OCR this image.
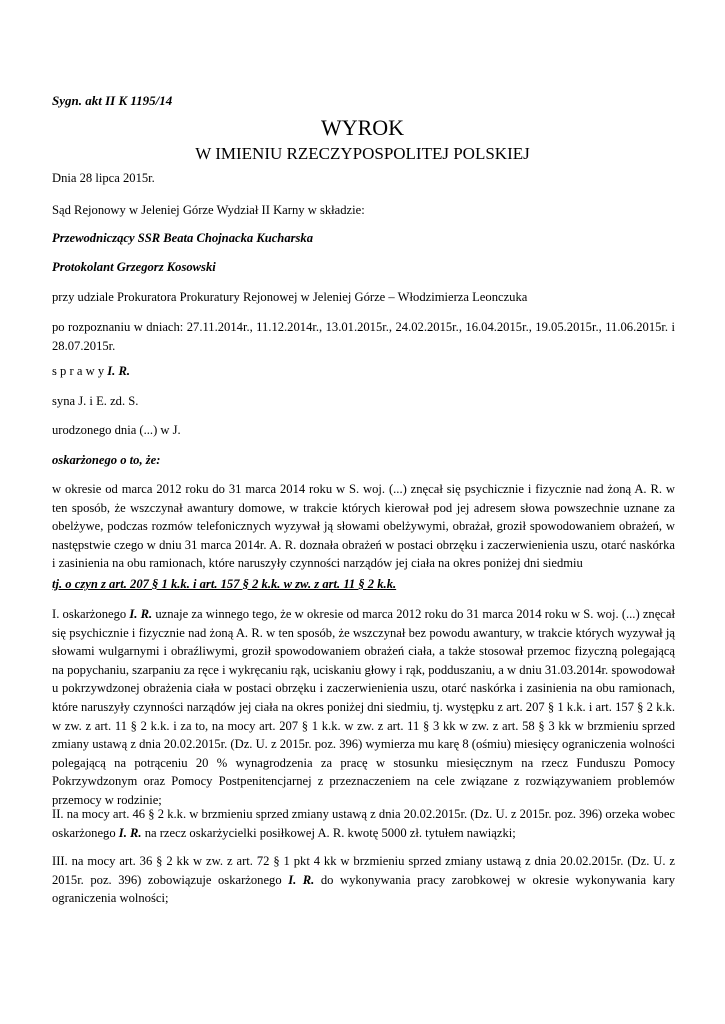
Sygn. akt II K 1195/14

WYROK
W IMIENIU RZECZYPOSPOLITEJ POLSKIEJ

Dnia 28 lipca 2015r.

Sąd Rejonowy w Jeleniej Górze Wydział II Karny w składzie:

Przewodniczący SSR Beata Chojnacka Kucharska

Protokolant Grzegorz Kosowski

przy udziale Prokuratora Prokuratury Rejonowej w Jeleniej Górze – Włodzimierza Leonczuka

po rozpoznaniu w dniach: 27.11.2014r., 11.12.2014r., 13.01.2015r., 24.02.2015r., 16.04.2015r., 19.05.2015r., 11.06.2015r. i 28.07.2015r.

s p r a w y I. R.

syna J. i E. zd. S.

urodzonego dnia (...) w J.

oskarżonego o to, że:

w okresie od marca 2012 roku do 31 marca 2014 roku w S. woj. (...) znęcał się psychicznie i fizycznie nad żoną A. R. w ten sposób, że wszczynał awantury domowe, w trakcie których kierował pod jej adresem słowa powszechnie uznane za obelżywe, podczas rozmów telefonicznych wyzywał ją słowami obelżywymi, obrażał, groził spowodowaniem obrażeń, w następstwie czego w dniu 31 marca 2014r. A. R. doznała obrażeń w postaci obrzęku i zaczerwienienia uszu, otarć naskórka i zasinienia na obu ramionach, które naruszyły czynności narządów jej ciała na okres poniżej dni siedmiu

tj. o czyn z art. 207 § 1 k.k. i art. 157 § 2 k.k. w zw. z art. 11 § 2 k.k.

I. oskarżonego I. R. uznaje za winnego tego, że w okresie od marca 2012 roku do 31 marca 2014 roku w S. woj. (...) znęcał się psychicznie i fizycznie nad żoną A. R. w ten sposób, że wszczynał bez powodu awantury, w trakcie których wyzywał ją słowami wulgarnymi i obraźliwymi, groził spowodowaniem obrażeń ciała, a także stosował przemoc fizyczną polegającą na popychaniu, szarpaniu za ręce i wykręcaniu rąk, uciskaniu głowy i rąk, podduszaniu, a w dniu 31.03.2014r. spowodował u pokrzywdzonej obrażenia ciała w postaci obrzęku i zaczerwienienia uszu, otarć naskórka i zasinienia na obu ramionach, które naruszyły czynności narządów jej ciała na okres poniżej dni siedmiu, tj. występku z art. 207 § 1 k.k. i art. 157 § 2 k.k. w zw. z art. 11 § 2 k.k. i za to, na mocy art. 207 § 1 k.k. w zw. z art. 11 § 3 kk w zw. z art. 58 § 3 kk w brzmieniu sprzed zmiany ustawą z dnia 20.02.2015r. (Dz. U. z 2015r. poz. 396) wymierza mu karę 8 (ośmiu) miesięcy ograniczenia wolności polegającą na potrąceniu 20 % wynagrodzenia za pracę w stosunku miesięcznym na rzecz Funduszu Pomocy Pokrzywdzonym oraz Pomocy Postpenitencjarnej z przeznaczeniem na cele związane z rozwiązywaniem problemów przemocy w rodzinie;

II. na mocy art. 46 § 2 k.k. w brzmieniu sprzed zmiany ustawą z dnia 20.02.2015r. (Dz. U. z 2015r. poz. 396) orzeka wobec oskarżonego I. R. na rzecz oskarżycielki posiłkowej A. R. kwotę 5000 zł. tytułem nawiązki;

III. na mocy art. 36 § 2 kk w zw. z art. 72 § 1 pkt 4 kk w brzmieniu sprzed zmiany ustawą z dnia 20.02.2015r. (Dz. U. z 2015r. poz. 396) zobowiązuje oskarżonego I. R. do wykonywania pracy zarobkowej w okresie wykonywania kary ograniczenia wolności;
